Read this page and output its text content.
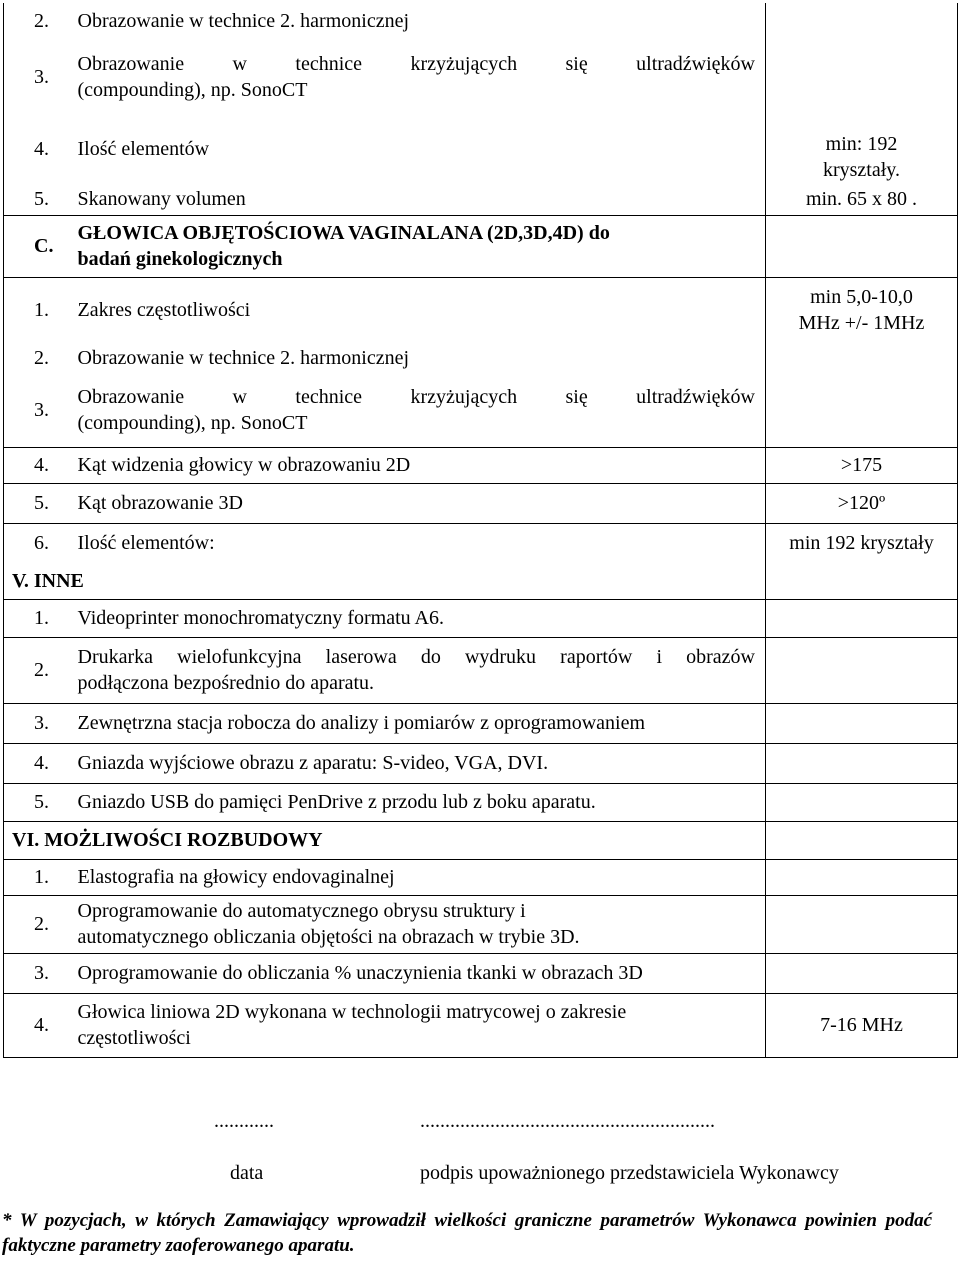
2.	Obrazowanie w technice 2. harmonicznej	
3.	Obrazowanie w technice krzyżujących się ultradźwięków
(compounding), np. SonoCT	

4.	Ilość elementów	min: 192
kryształy.

5.	Skanowany volumen	min. 65 x 80 .
C.	GŁOWICA OBJĘTOŚCIOWA VAGINALANA (2D,3D,4D) do
badań ginekologicznych	

1.	Zakres częstotliwości	min 5,0-10,0
MHz +/- 1MHz

2.	Obrazowanie w technice 2. harmonicznej	
3.	Obrazowanie w technice krzyżujących się ultradźwięków
(compounding), np. SonoCT	

4.	Kąt widzenia głowicy w obrazowaniu 2D	>175
5.	Kąt obrazowanie 3D	>120º
6.	Ilość elementów:	min 192 kryształy
V. INNE		
1.	Videoprinter monochromatyczny formatu A6.	
2.	Drukarka wielofunkcyjna laserowa do wydruku raportów i obrazów
podłączona bezpośrednio do aparatu.	

3.	Zewnętrzna stacja robocza do analizy i pomiarów z oprogramowaniem	
4.	Gniazda wyjściowe obrazu z aparatu: S-video, VGA, DVI.	
5.	Gniazdo USB do pamięci PenDrive z przodu lub z boku aparatu.	
VI. MOŻLIWOŚCI ROZBUDOWY		
1.	Elastografia na głowicy endovaginalnej	
2.	Oprogramowanie do automatycznego obrysu struktury i
automatycznego obliczania objętości na obrazach w trybie 3D.	

3.	Oprogramowanie do obliczania % unaczynienia tkanki w obrazach 3D	
4.	Głowica liniowa 2D wykonana w technologii matrycowej o zakresie
częstotliwości	7-16 MHz
............	...........................................................
data	podpis upoważnionego przedstawiciela Wykonawcy
* W pozycjach, w których Zamawiający wprowadził wielkości graniczne parametrów Wykonawca powinien podać faktyczne parametry zaoferowanego aparatu.
